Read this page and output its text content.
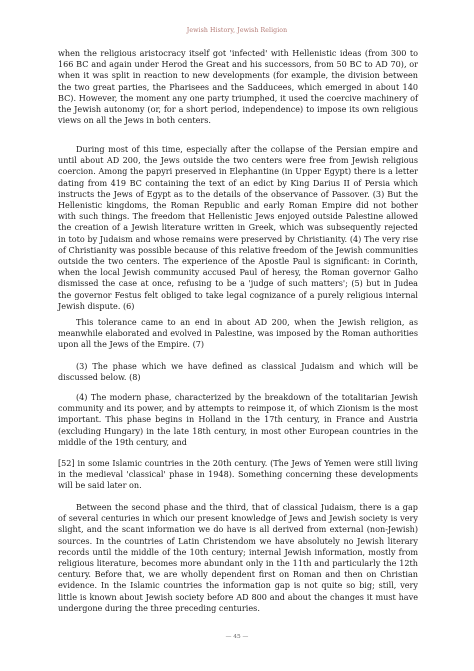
Jewish History, Jewish Religion

when the religious aristocracy itself got 'infected' with Hellenistic ideas (from 300 to 166 BC and again under Herod the Great and his successors, from 50 BC to AD 70), or when it was split in reaction to new developments (for example, the division between the two great parties, the Pharisees and the Sadducees, which emerged in about 140 BC). However, the moment any one party triumphed, it used the coercive machinery of the Jewish autonomy (or, for a short period, independence) to impose its own religious views on all the Jews in both centers.

During most of this time, especially after the collapse of the Persian empire and until about AD 200, the Jews outside the two centers were free from Jewish religious coercion. Among the papyri preserved in Elephantine (in Upper Egypt) there is a letter dating from 419 BC containing the text of an edict by King Darius II of Persia which instructs the Jews of Egypt as to the details of the observance of Passover. (3) But the Hellenistic kingdoms, the Roman Republic and early Roman Empire did not bother with such things. The freedom that Hellenistic Jews enjoyed outside Palestine allowed the creation of a Jewish literature written in Greek, which was subsequently rejected in toto by Judaism and whose remains were preserved by Christianity. (4) The very rise of Christianity was possible because of this relative freedom of the Jewish communities outside the two centers. The experience of the Apostle Paul is significant: in Corinth, when the local Jewish community accused Paul of heresy, the Roman governor Galho dismissed the case at once, refusing to be a 'judge of such matters'; (5) but in Judea the governor Festus felt obliged to take legal cognizance of a purely religious internal Jewish dispute. (6)

This tolerance came to an end in about AD 200, when the Jewish religion, as meanwhile elaborated and evolved in Palestine, was imposed by the Roman authorities upon all the Jews of the Empire. (7)

(3) The phase which we have defined as classical Judaism and which will be discussed below. (8)

(4) The modern phase, characterized by the breakdown of the totalitarian Jewish community and its power, and by attempts to reimpose it, of which Zionism is the most important. This phase begins in Holland in the 17th century, in France and Austria (excluding Hungary) in the late 18th century, in most other European countries in the middle of the 19th century, and

[52] in some Islamic countries in the 20th century. (The Jews of Yemen were still living in the medieval 'classical' phase in 1948). Something concerning these developments will be said later on.

Between the second phase and the third, that of classical Judaism, there is a gap of several centuries in which our present knowledge of Jews and Jewish society is very slight, and the scant information we do have is all derived from external (non-Jewish) sources. In the countries of Latin Christendom we have absolutely no Jewish literary records until the middle of the 10th century; internal Jewish information, mostly from religious literature, becomes more abundant only in the 11th and particularly the 12th century. Before that, we are wholly dependent first on Roman and then on Christian evidence. In the Islamic countries the information gap is not quite so big; still, very little is known about Jewish society before AD 800 and about the changes it must have undergone during the three preceding centuries.

— 45 —
